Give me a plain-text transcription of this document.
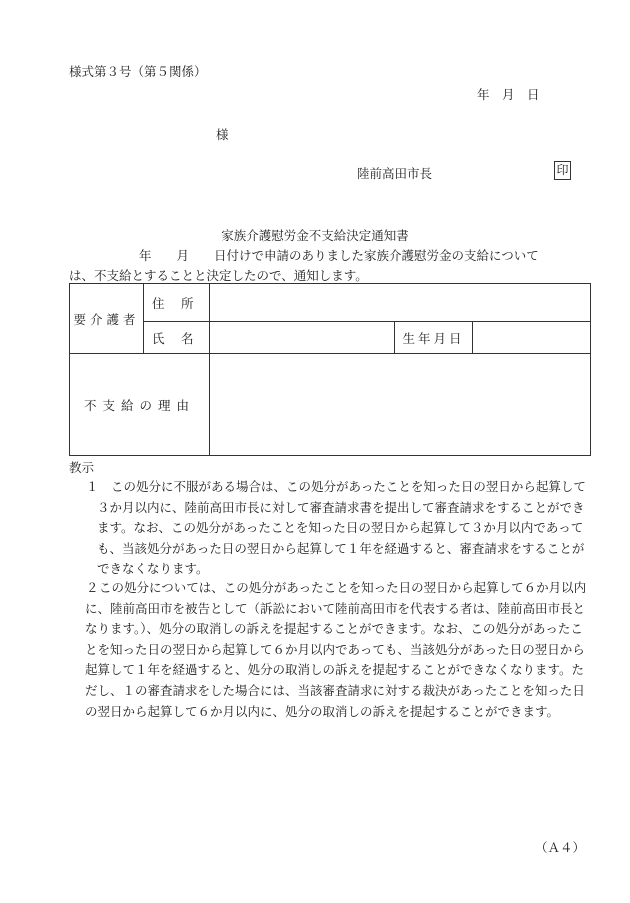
様式第３号（第５関係）
年　月　日
様
陸前高田市長	印
家族介護慰労金不支給決定通知書
年　　月　　日付けで申請のありました家族介護慰労金の支給について
は、不支給とすることと決定したので、通知します。
要介護者	住　所			
	氏　名		生年月日	
不支給の理由				
教示
１ この処分に不服がある場合は、この処分があったことを知った日の翌日から起算して３か月以内に、陸前高田市長に対して審査請求書を提出して審査請求をすることができます。なお、この処分があったことを知った日の翌日から起算して３か月以内であっても、当該処分があった日の翌日から起算して１年を経過すると、審査請求をすることができなくなります。
２ この処分については、この処分があったことを知った日の翌日から起算して６か月以内に、陸前高田市を被告として（訴訟において陸前高田市を代表する者は、陸前高田市長となります。）、処分の取消しの訴えを提起することができます。なお、この処分があったことを知った日の翌日から起算して６か月以内であっても、当該処分があった日の翌日から起算して１年を経過すると、処分の取消しの訴えを提起することができなくなります。ただし、１の審査請求をした場合には、当該審査請求に対する裁決があったことを知った日の翌日から起算して６か月以内に、処分の取消しの訴えを提起することができます。
（Ａ４）
